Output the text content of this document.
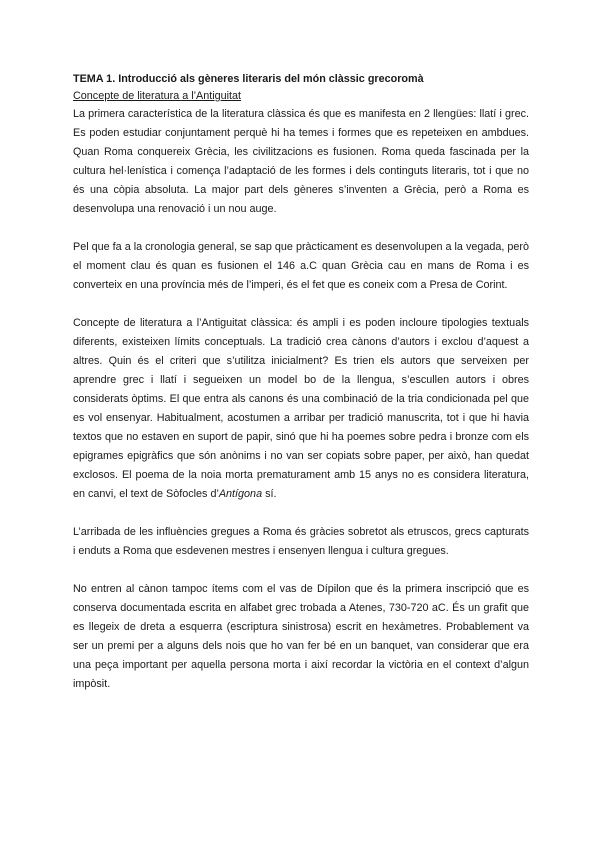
TEMA 1. Introducció als gèneres literaris del món clàssic grecoromà

Concepte de literatura a l’Antiguitat

La primera característica de la literatura clàssica és que es manifesta en 2 llengües: llatí i grec. Es poden estudiar conjuntament perquè hi ha temes i formes que es repeteixen en ambdues. Quan Roma conquereix Grècia, les civilitzacions es fusionen. Roma queda fascinada per la cultura hel·lenística i comença l’adaptació de les formes i dels continguts literaris, tot i que no és una còpia absoluta. La major part dels gèneres s’inventen a Grècia, però a Roma es desenvolupa una renovació i un nou auge.

Pel que fa a la cronologia general, se sap que pràcticament es desenvolupen a la vegada, però el moment clau és quan es fusionen el 146 a.C quan Grècia cau en mans de Roma i es converteix en una província més de l’imperi, és el fet que es coneix com a Presa de Corint.

Concepte de literatura a l’Antiguitat clàssica: és ampli i es poden incloure tipologies textuals diferents, existeixen límits conceptuals. La tradició crea cànons d’autors i exclou d’aquest a altres. Quin és el criteri que s’utilitza inicialment? Es trien els autors que serveixen per aprendre grec i llatí i segueixen un model bo de la llengua, s’escullen autors i obres considerats òptims. El que entra als canons és una combinació de la tria condicionada pel que es vol ensenyar. Habitualment, acostumen a arribar per tradició manuscrita, tot i que hi havia textos que no estaven en suport de papir, sinó que hi ha poemes sobre pedra i bronze com els epigrames epigràfics que són anònims i no van ser copiats sobre paper, per això, han quedat exclosos. El poema de la noia morta prematurament amb 15 anys no es considera literatura, en canvi, el text de Sòfocles d’Antígona sí.

L’arribada de les influències gregues a Roma és gràcies sobretot als etruscos, grecs capturats i enduts a Roma que esdevenen mestres i ensenyen llengua i cultura gregues.

No entren al cànon tampoc ítems com el vas de Dípilon que és la primera inscripció que es conserva documentada escrita en alfabet grec trobada a Atenes, 730-720 aC. És un grafit que es llegeix de dreta a esquerra (escriptura sinistrosa) escrit en hexàmetres. Probablement va ser un premi per a alguns dels nois que ho van fer bé en un banquet, van considerar que era una peça important per aquella persona morta i així recordar la victòria en el context d’algun impòsit.
